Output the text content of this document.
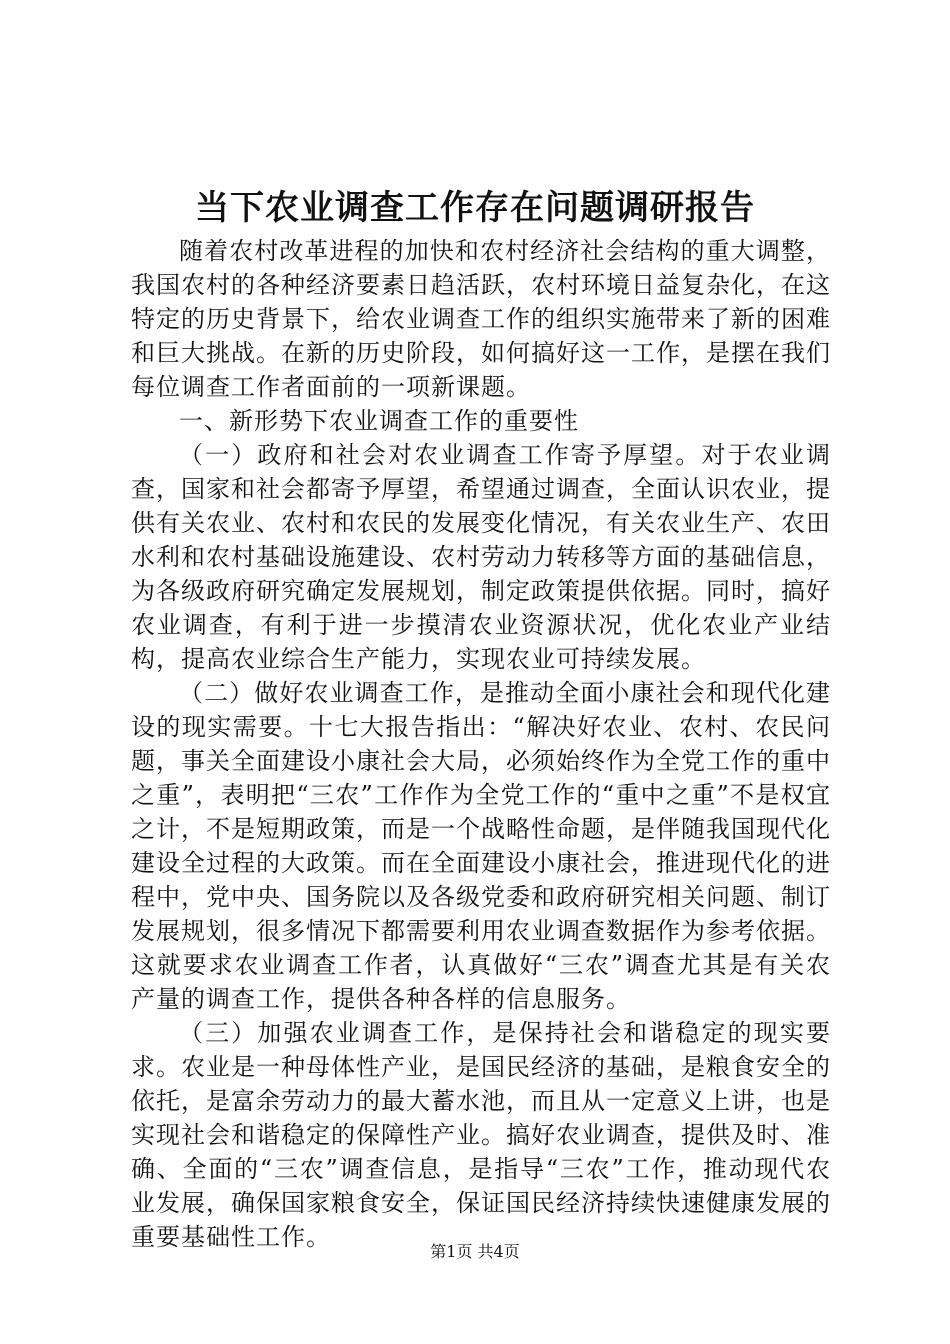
当下农业调查工作存在问题调研报告

随着农村改革进程的加快和农村经济社会结构的重大调整，我国农村的各种经济要素日趋活跃，农村环境日益复杂化，在这特定的历史背景下，给农业调查工作的组织实施带来了新的困难和巨大挑战。在新的历史阶段，如何搞好这一工作，是摆在我们每位调查工作者面前的一项新课题。

一、新形势下农业调查工作的重要性

（一）政府和社会对农业调查工作寄予厚望。对于农业调查，国家和社会都寄予厚望，希望通过调查，全面认识农业，提供有关农业、农村和农民的发展变化情况，有关农业生产、农田水利和农村基础设施建设、农村劳动力转移等方面的基础信息，为各级政府研究确定发展规划，制定政策提供依据。同时，搞好农业调查，有利于进一步摸清农业资源状况，优化农业产业结构，提高农业综合生产能力，实现农业可持续发展。

（二）做好农业调查工作，是推动全面小康社会和现代化建设的现实需要。十七大报告指出：“解决好农业、农村、农民问题，事关全面建设小康社会大局，必须始终作为全党工作的重中之重”，表明把“三农”工作作为全党工作的“重中之重”不是权宜之计，不是短期政策，而是一个战略性命题，是伴随我国现代化建设全过程的大政策。而在全面建设小康社会，推进现代化的进程中，党中央、国务院以及各级党委和政府研究相关问题、制订发展规划，很多情况下都需要利用农业调查数据作为参考依据。这就要求农业调查工作者，认真做好“三农”调查尤其是有关农产量的调查工作，提供各种各样的信息服务。

（三）加强农业调查工作，是保持社会和谐稳定的现实要求。农业是一种母体性产业，是国民经济的基础，是粮食安全的依托，是富余劳动力的最大蓄水池，而且从一定意义上讲，也是实现社会和谐稳定的保障性产业。搞好农业调查，提供及时、准确、全面的“三农”调查信息，是指导“三农”工作，推动现代农业发展，确保国家粮食安全，保证国民经济持续快速健康发展的重要基础性工作。

第1页 共4页
